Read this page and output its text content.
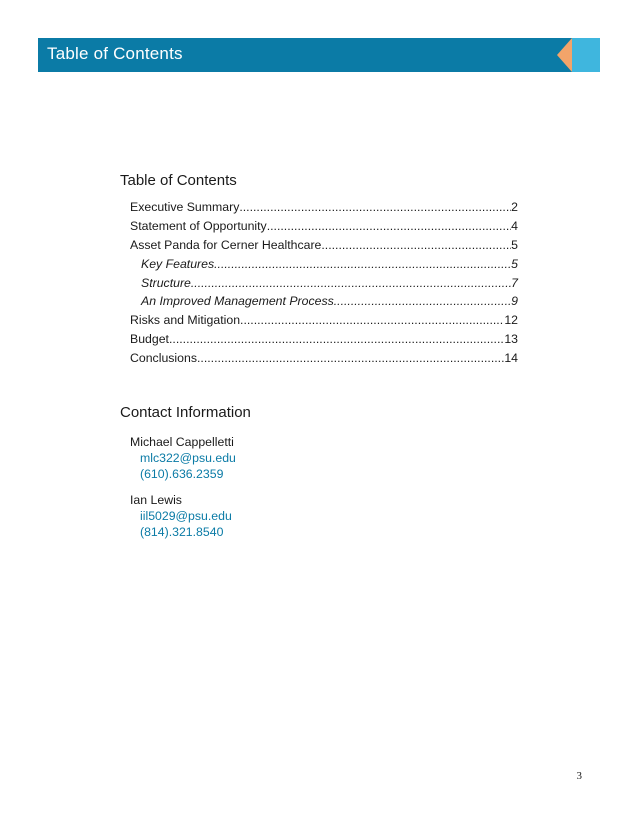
Table of Contents
Table of Contents
Executive Summary .....	2
Statement of Opportunity .....	4
Asset Panda for Cerner Healthcare .....	5
Key Features .....	5
Structure .....	7
An Improved Management Process .....	9
Risks and Mitigation .....	12
Budget .....	13
Conclusions .....	14
Contact Information
Michael Cappelletti
mlc322@psu.edu
(610).636.2359
Ian Lewis
iil5029@psu.edu
(814).321.8540
3
